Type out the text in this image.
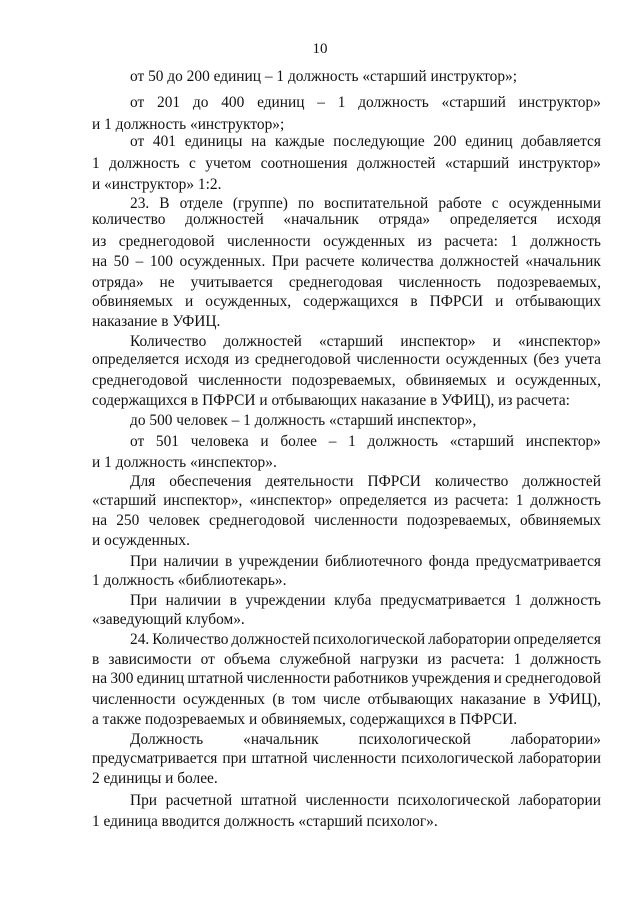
10
от 50 до 200 единиц – 1 должность «старший инструктор»;
от 201 до 400 единиц – 1 должность «старший инструктор»
и 1 должность «инструктор»;
от 401 единицы на каждые последующие 200 единиц добавляется
1 должность с учетом соотношения должностей «старший инструктор»
и «инструктор» 1:2.
23. В отделе (группе) по воспитательной работе с осужденными
количество должностей «начальник отряда» определяется исходя
из среднегодовой численности осужденных из расчета: 1 должность
на 50 – 100 осужденных. При расчете количества должностей «начальник
отряда» не учитывается среднегодовая численность подозреваемых,
обвиняемых и осужденных, содержащихся в ПФРСИ и отбывающих
наказание в УФИЦ.
Количество должностей «старший инспектор» и «инспектор»
определяется исходя из среднегодовой численности осужденных (без учета
среднегодовой численности подозреваемых, обвиняемых и осужденных,
содержащихся в ПФРСИ и отбывающих наказание в УФИЦ), из расчета:
до 500 человек – 1 должность «старший инспектор»,
от 501 человека и более – 1 должность «старший инспектор»
и 1 должность «инспектор».
Для обеспечения деятельности ПФРСИ количество должностей
«старший инспектор», «инспектор» определяется из расчета: 1 должность
на 250 человек среднегодовой численности подозреваемых, обвиняемых
и осужденных.
При наличии в учреждении библиотечного фонда предусматривается
1 должность «библиотекарь».
При наличии в учреждении клуба предусматривается 1 должность
«заведующий клубом».
24. Количество должностей психологической лаборатории определяется
в зависимости от объема служебной нагрузки из расчета: 1 должность
на 300 единиц штатной численности работников учреждения и среднегодовой
численности осужденных (в том числе отбывающих наказание в УФИЦ),
а также подозреваемых и обвиняемых, содержащихся в ПФРСИ.
Должность	«начальник	психологической	лаборатории»
предусматривается при штатной численности психологической лаборатории
2 единицы и более.
При расчетной штатной численности психологической лаборатории
1 единица вводится должность «старший психолог».
